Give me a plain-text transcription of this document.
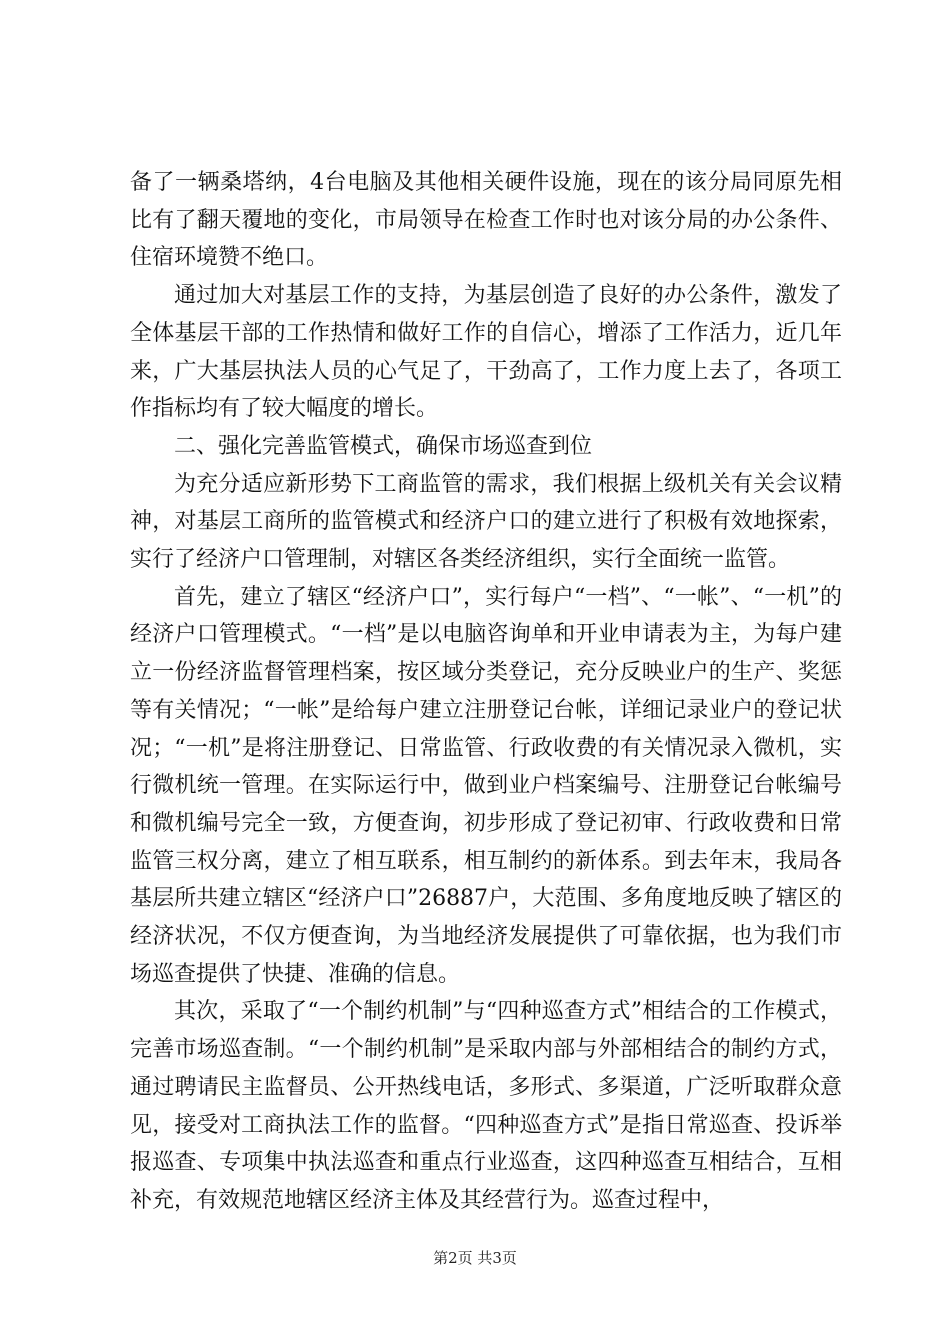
备了一辆桑塔纳，4台电脑及其他相关硬件设施，现在的该分局同原先相比有了翻天覆地的变化，市局领导在检查工作时也对该分局的办公条件、住宿环境赞不绝口。

通过加大对基层工作的支持，为基层创造了良好的办公条件，激发了全体基层干部的工作热情和做好工作的自信心，增添了工作活力，近几年来，广大基层执法人员的心气足了，干劲高了，工作力度上去了，各项工作指标均有了较大幅度的增长。

二、强化完善监管模式，确保市场巡查到位

为充分适应新形势下工商监管的需求，我们根据上级机关有关会议精神，对基层工商所的监管模式和经济户口的建立进行了积极有效地探索，实行了经济户口管理制，对辖区各类经济组织，实行全面统一监管。

首先，建立了辖区“经济户口”，实行每户“一档”、“一帐”、“一机”的经济户口管理模式。“一档”是以电脑咨询单和开业申请表为主，为每户建立一份经济监督管理档案，按区域分类登记，充分反映业户的生产、奖惩等有关情况；“一帐”是给每户建立注册登记台帐，详细记录业户的登记状况；“一机”是将注册登记、日常监管、行政收费的有关情况录入微机，实行微机统一管理。在实际运行中，做到业户档案编号、注册登记台帐编号和微机编号完全一致，方便查询，初步形成了登记初审、行政收费和日常监管三权分离，建立了相互联系，相互制约的新体系。到去年末，我局各基层所共建立辖区“经济户口”26887户，大范围、多角度地反映了辖区的经济状况，不仅方便查询，为当地经济发展提供了可靠依据，也为我们市场巡查提供了快捷、准确的信息。

其次，采取了“一个制约机制”与“四种巡查方式”相结合的工作模式，完善市场巡查制。“一个制约机制”是采取内部与外部相结合的制约方式，通过聘请民主监督员、公开热线电话，多形式、多渠道，广泛听取群众意见，接受对工商执法工作的监督。“四种巡查方式”是指日常巡查、投诉举报巡查、专项集中执法巡查和重点行业巡查，这四种巡查互相结合，互相补充，有效规范地辖区经济主体及其经营行为。巡查过程中，

第2页 共3页
